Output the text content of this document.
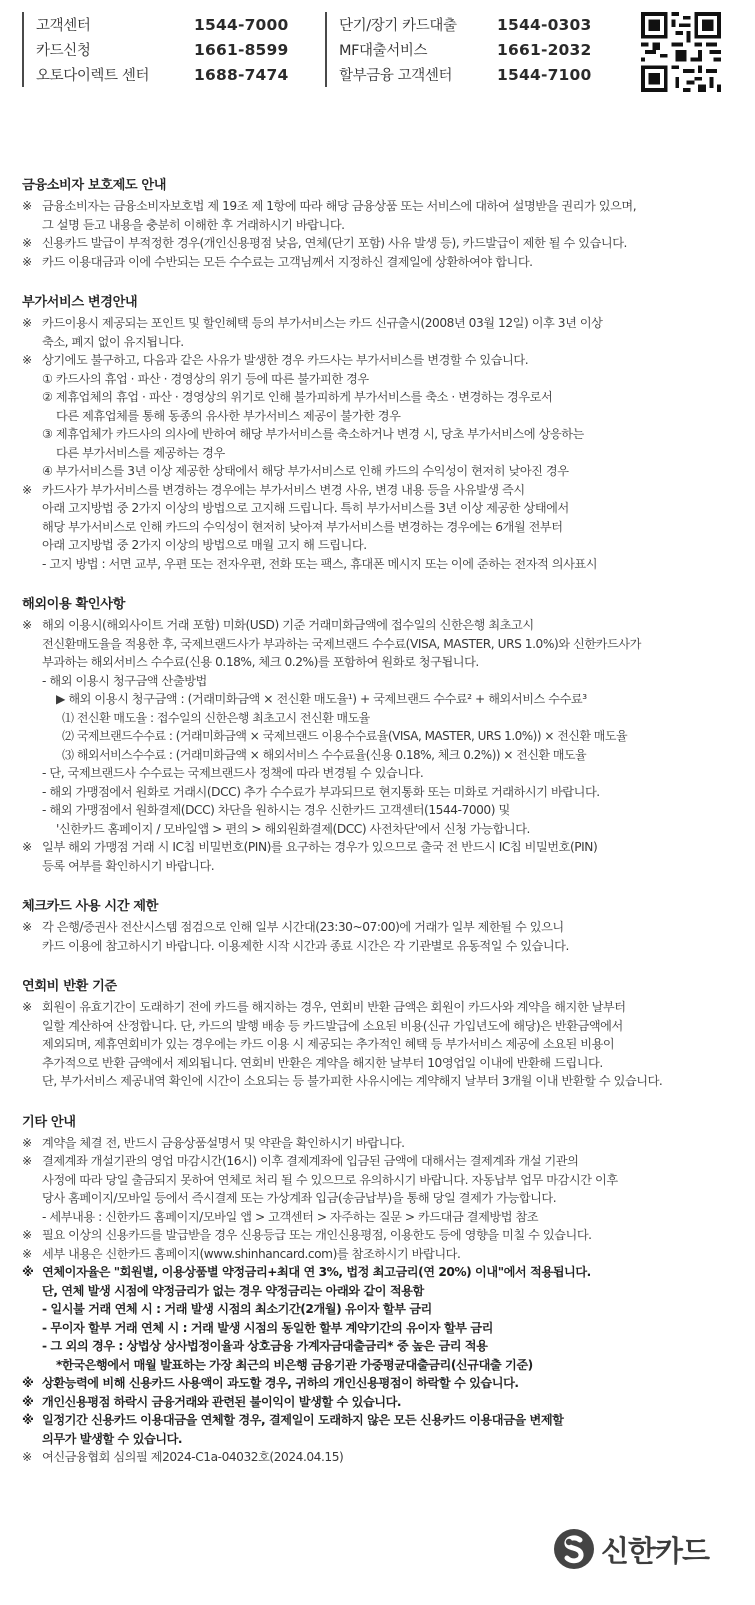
고객센터	1544-7000
카드신청	1661-8599
오토다이렉트 센터	1688-7474
단기/장기 카드대출	1544-0303
MF대출서비스	1661-2032
할부금융 고객센터	1544-7100
금융소비자 보호제도 안내
※ 금융소비자는 금융소비자보호법 제 19조 제 1항에 따라 해당 금융상품 또는 서비스에 대하여 설명받을 권리가 있으며,
그 설명 듣고 내용을 충분히 이해한 후 거래하시기 바랍니다.
※ 신용카드 발급이 부적정한 경우(개인신용평점 낮음, 연체(단기 포함) 사유 발생 등), 카드발급이 제한 될 수 있습니다.
※ 카드 이용대금과 이에 수반되는 모든 수수료는 고객님께서 지정하신 결제일에 상환하여야 합니다.
부가서비스 변경안내
※ 카드이용시 제공되는 포인트 및 할인혜택 등의 부가서비스는 카드 신규출시(2008년 03월 12일) 이후 3년 이상
축소, 폐지 없이 유지됩니다.
※ 상기에도 불구하고, 다음과 같은 사유가 발생한 경우 카드사는 부가서비스를 변경할 수 있습니다.
① 카드사의 휴업 · 파산 · 경영상의 위기 등에 따른 불가피한 경우
② 제휴업체의 휴업 · 파산 · 경영상의 위기로 인해 불가피하게 부가서비스를 축소 · 변경하는 경우로서
다른 제휴업체를 통해 동종의 유사한 부가서비스 제공이 불가한 경우
③ 제휴업체가 카드사의 의사에 반하여 해당 부가서비스를 축소하거나 변경 시, 당초 부가서비스에 상응하는
다른 부가서비스를 제공하는 경우
④ 부가서비스를 3년 이상 제공한 상태에서 해당 부가서비스로 인해 카드의 수익성이 현저히 낮아진 경우
※ 카드사가 부가서비스를 변경하는 경우에는 부가서비스 변경 사유, 변경 내용 등을 사유발생 즉시
아래 고지방법 중 2가지 이상의 방법으로 고지해 드립니다. 특히 부가서비스를 3년 이상 제공한 상태에서
해당 부가서비스로 인해 카드의 수익성이 현저히 낮아져 부가서비스를 변경하는 경우에는 6개월 전부터
아래 고지방법 중 2가지 이상의 방법으로 매월 고지 해 드립니다.
- 고지 방법 : 서면 교부, 우편 또는 전자우편, 전화 또는 팩스, 휴대폰 메시지 또는 이에 준하는 전자적 의사표시
해외이용 확인사항
※ 해외 이용시(해외사이트 거래 포함) 미화(USD) 기준 거래미화금액에 접수일의 신한은행 최초고시
전신환매도율을 적용한 후, 국제브랜드사가 부과하는 국제브랜드 수수료(VISA, MASTER, URS 1.0%)와 신한카드사가
부과하는 해외서비스 수수료(신용 0.18%, 체크 0.2%)를 포함하여 원화로 청구됩니다.
- 해외 이용시 청구금액 산출방법
▶ 해외 이용시 청구금액 : (거래미화금액 × 전신환 매도율¹) + 국제브랜드 수수료² + 해외서비스 수수료³
⑴ 전신환 매도율 : 접수일의 신한은행 최초고시 전신환 매도율
⑵ 국제브랜드수수료 : (거래미화금액 × 국제브랜드 이용수수료율(VISA, MASTER, URS 1.0%)) × 전신환 매도율
⑶ 해외서비스수수료 : (거래미화금액 × 해외서비스 수수료율(신용 0.18%, 체크 0.2%)) × 전신환 매도율
- 단, 국제브랜드사 수수료는 국제브랜드사 정책에 따라 변경될 수 있습니다.
- 해외 가맹점에서 원화로 거래시(DCC) 추가 수수료가 부과되므로 현지통화 또는 미화로 거래하시기 바랍니다.
- 해외 가맹점에서 원화결제(DCC) 차단을 원하시는 경우 신한카드 고객센터(1544-7000) 및
'신한카드 홈페이지 / 모바일앱 > 편의 > 해외원화결제(DCC) 사전차단'에서 신청 가능합니다.
※ 일부 해외 가맹점 거래 시 IC칩 비밀번호(PIN)를 요구하는 경우가 있으므로 출국 전 반드시 IC칩 비밀번호(PIN)
등록 여부를 확인하시기 바랍니다.
체크카드 사용 시간 제한
※ 각 은행/증권사 전산시스템 점검으로 인해 일부 시간대(23:30~07:00)에 거래가 일부 제한될 수 있으니
카드 이용에 참고하시기 바랍니다. 이용제한 시작 시간과 종료 시간은 각 기관별로 유동적일 수 있습니다.
연회비 반환 기준
※ 회원이 유효기간이 도래하기 전에 카드를 해지하는 경우, 연회비 반환 금액은 회원이 카드사와 계약을 해지한 날부터
일할 계산하여 산정합니다. 단, 카드의 발행 배송 등 카드발급에 소요된 비용(신규 가입년도에 해당)은 반환금액에서
제외되며, 제휴연회비가 있는 경우에는 카드 이용 시 제공되는 추가적인 혜택 등 부가서비스 제공에 소요된 비용이
추가적으로 반환 금액에서 제외됩니다. 연회비 반환은 계약을 해지한 날부터 10영업일 이내에 반환해 드립니다.
단, 부가서비스 제공내역 확인에 시간이 소요되는 등 불가피한 사유시에는 계약해지 날부터 3개월 이내 반환할 수 있습니다.
기타 안내
※ 계약을 체결 전, 반드시 금융상품설명서 및 약관을 확인하시기 바랍니다.
※ 결제계좌 개설기관의 영업 마감시간(16시) 이후 결제계좌에 입금된 금액에 대해서는 결제계좌 개설 기관의
사정에 따라 당일 출금되지 못하여 연체로 처리 될 수 있으므로 유의하시기 바랍니다. 자동납부 업무 마감시간 이후
당사 홈페이지/모바일 등에서 즉시결제 또는 가상계좌 입금(송금납부)을 통해 당일 결제가 가능합니다.
- 세부내용 : 신한카드 홈페이지/모바일 앱 > 고객센터 > 자주하는 질문 > 카드대금 결제방법 참조
※ 필요 이상의 신용카드를 발급받을 경우 신용등급 또는 개인신용평점, 이용한도 등에 영향을 미칠 수 있습니다.
※ 세부 내용은 신한카드 홈페이지(www.shinhancard.com)를 참조하시기 바랍니다.
※ 연체이자율은 "회원별, 이용상품별 약정금리+최대 연 3%, 법정 최고금리(연 20%) 이내"에서 적용됩니다.
단, 연체 발생 시점에 약정금리가 없는 경우 약정금리는 아래와 같이 적용함
- 일시불 거래 연체 시 : 거래 발생 시점의 최소기간(2개월) 유이자 할부 금리
- 무이자 할부 거래 연체 시 : 거래 발생 시점의 동일한 할부 계약기간의 유이자 할부 금리
- 그 외의 경우 : 상법상 상사법정이율과 상호금융 가계자금대출금리* 중 높은 금리 적용
*한국은행에서 매월 발표하는 가장 최근의 비은행 금융기관 가중평균대출금리(신규대출 기준)
※ 상환능력에 비해 신용카드 사용액이 과도할 경우, 귀하의 개인신용평점이 하락할 수 있습니다.
※ 개인신용평점 하락시 금융거래와 관련된 불이익이 발생할 수 있습니다.
※ 일정기간 신용카드 이용대금을 연체할 경우, 결제일이 도래하지 않은 모든 신용카드 이용대금을 변제할
의무가 발생할 수 있습니다.
※ 여신금융협회 심의필 제2024-C1a-04032호(2024.04.15)
신한카드
